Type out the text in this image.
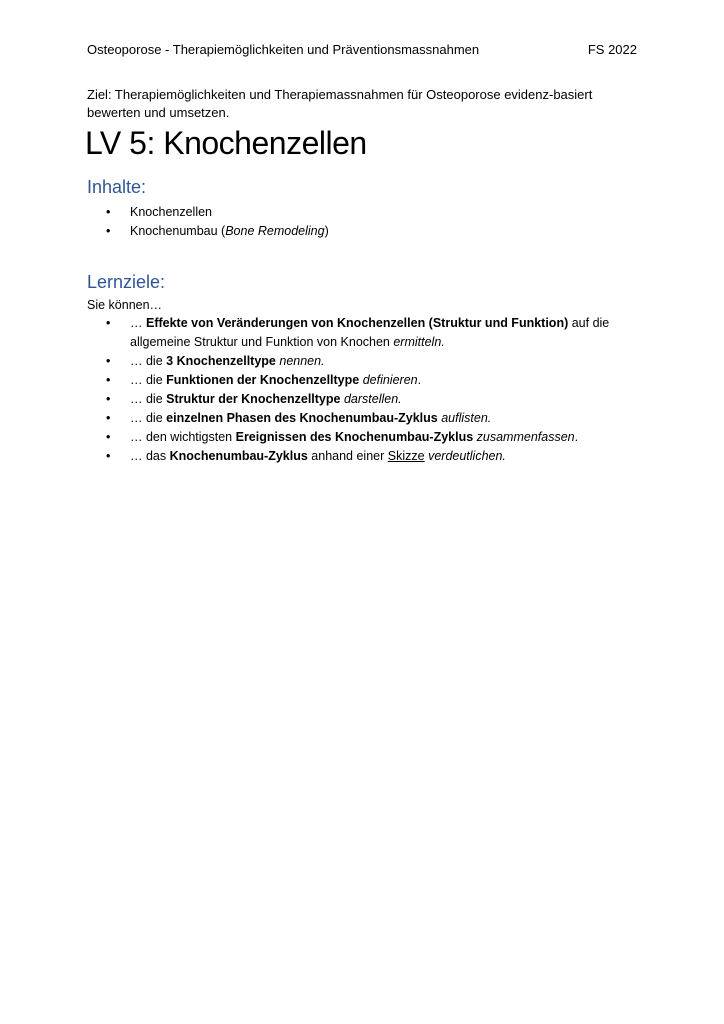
Osteoporose - Therapiemöglichkeiten und Präventionsmassnahmen	FS 2022
Ziel: Therapiemöglichkeiten und Therapiemassnahmen für Osteoporose evidenz-basiert bewerten und umsetzen.
LV 5: Knochenzellen
Inhalte:
•	Knochenzellen
•	Knochenumbau (Bone Remodeling)
Lernziele:
Sie können…
•	… Effekte von Veränderungen von Knochenzellen (Struktur und Funktion) auf die allgemeine Struktur und Funktion von Knochen ermitteln.
•	… die 3 Knochenzelltype nennen.
•	… die Funktionen der Knochenzelltype definieren.
•	… die Struktur der Knochenzelltype darstellen.
•	… die einzelnen Phasen des Knochenumbau-Zyklus auflisten.
•	… den wichtigsten Ereignissen des Knochenumbau-Zyklus zusammenfassen.
•	… das Knochenumbau-Zyklus anhand einer Skizze verdeutlichen.
